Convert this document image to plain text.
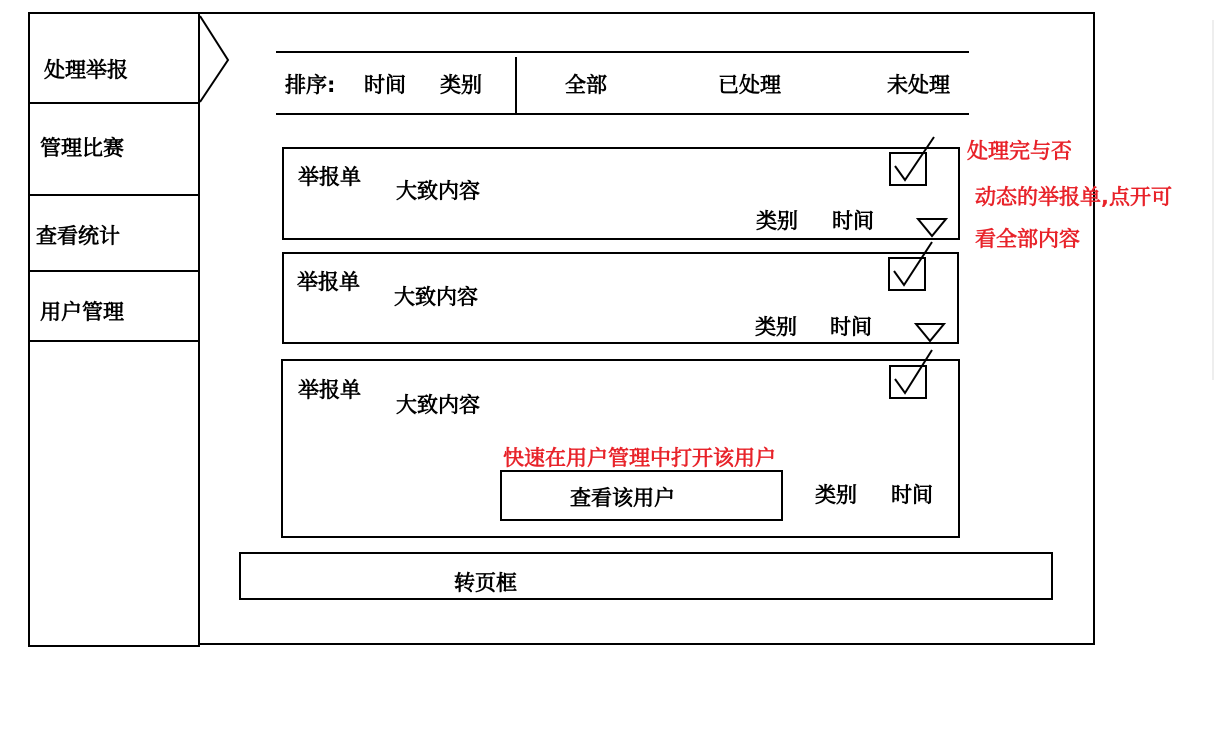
处理举报
管理比赛
查看统计
用户管理
排序: 时间 类别	全部	已处理	未处理
举报单
大致内容
类别 时间
举报单
大致内容
类别 时间
举报单
大致内容
类别 时间
查看该用户
转页框
处理完与否
动态的举报单,点开可
看全部内容
快速在用户管理中打开该用户
